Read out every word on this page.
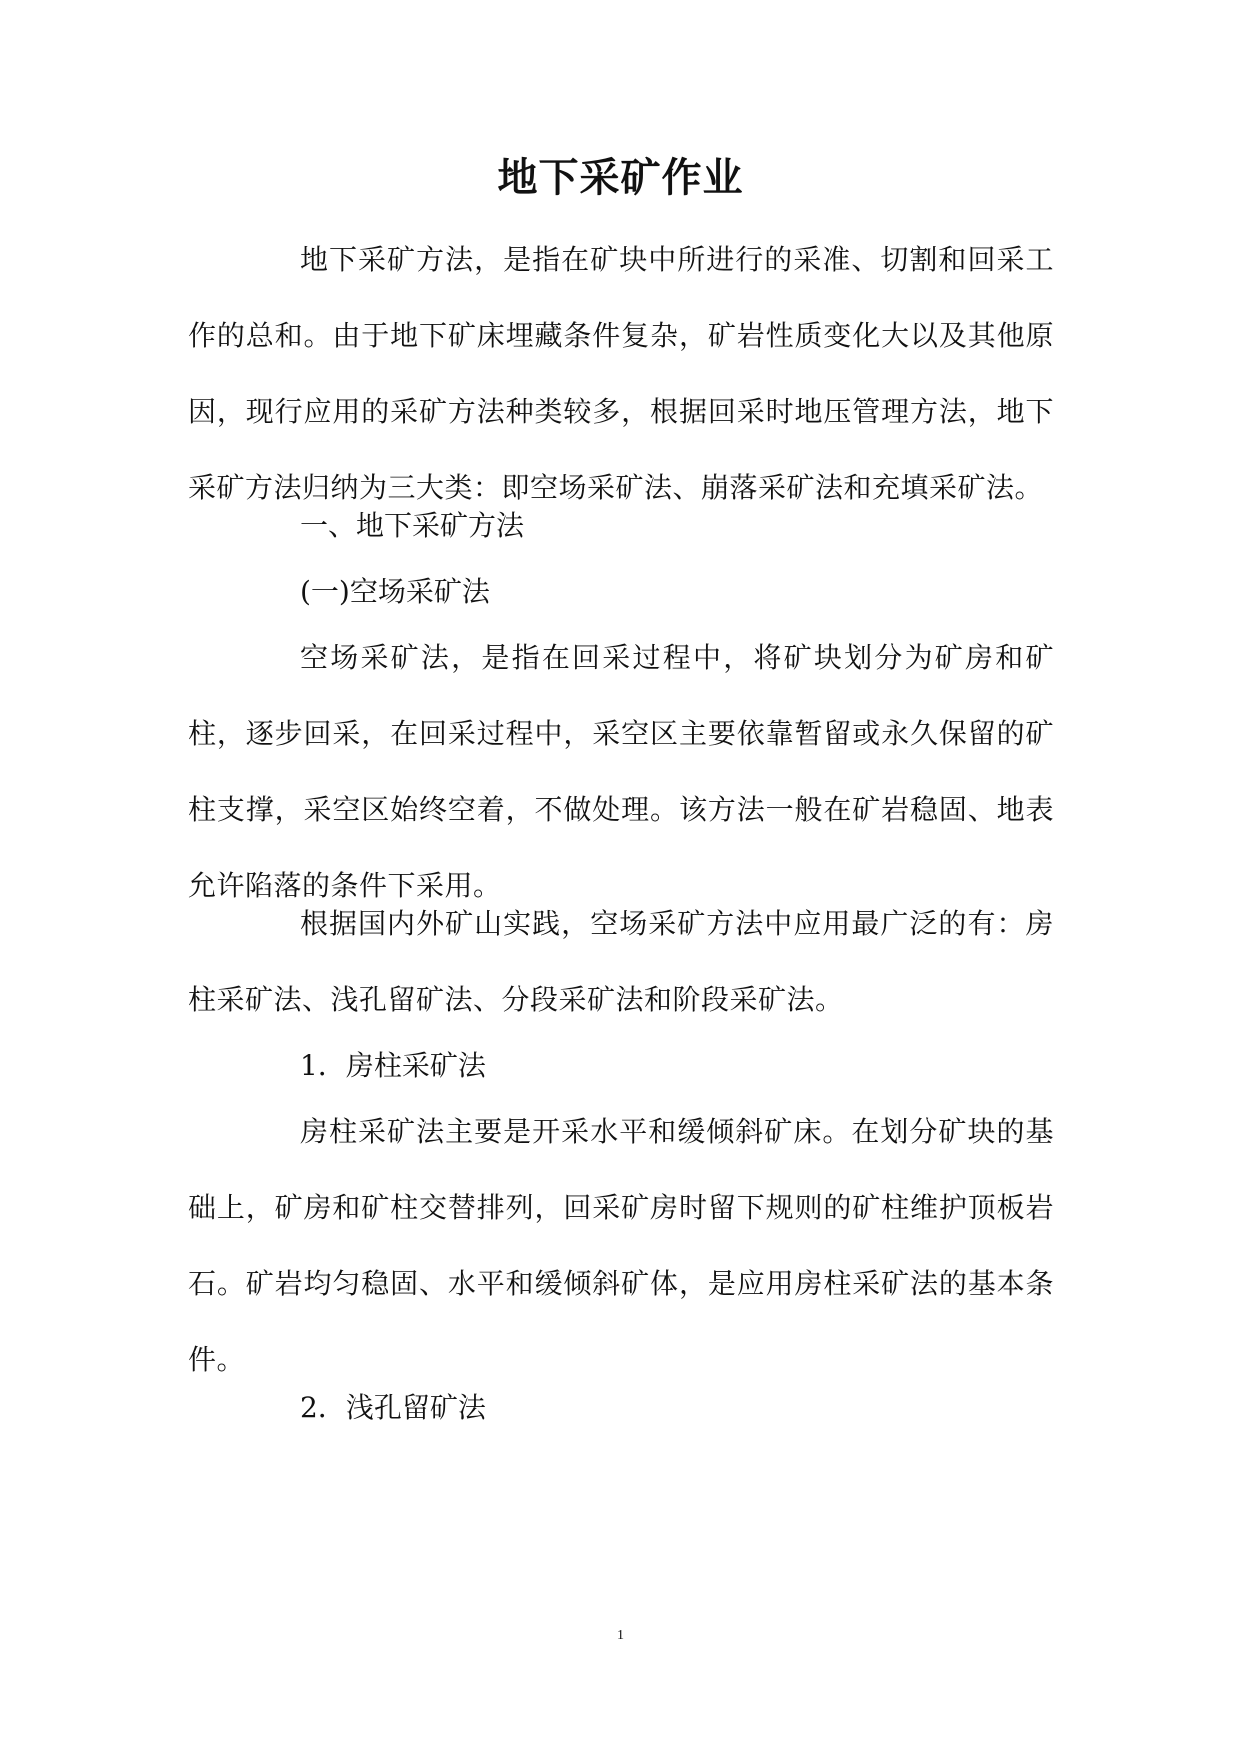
地下采矿作业

地下采矿方法，是指在矿块中所进行的采准、切割和回采工作的总和。由于地下矿床埋藏条件复杂，矿岩性质变化大以及其他原因，现行应用的采矿方法种类较多，根据回采时地压管理方法，地下采矿方法归纳为三大类：即空场采矿法、崩落采矿法和充填采矿法。

一、地下采矿方法

(一)空场采矿法

空场采矿法，是指在回采过程中，将矿块划分为矿房和矿柱，逐步回采，在回采过程中，采空区主要依靠暂留或永久保留的矿柱支撑，采空区始终空着，不做处理。该方法一般在矿岩稳固、地表允许陷落的条件下采用。

根据国内外矿山实践，空场采矿方法中应用最广泛的有：房柱采矿法、浅孔留矿法、分段采矿法和阶段采矿法。

1．房柱采矿法

房柱采矿法主要是开采水平和缓倾斜矿床。在划分矿块的基础上，矿房和矿柱交替排列，回采矿房时留下规则的矿柱维护顶板岩石。矿岩均匀稳固、水平和缓倾斜矿体，是应用房柱采矿法的基本条件。

2．浅孔留矿法

1
